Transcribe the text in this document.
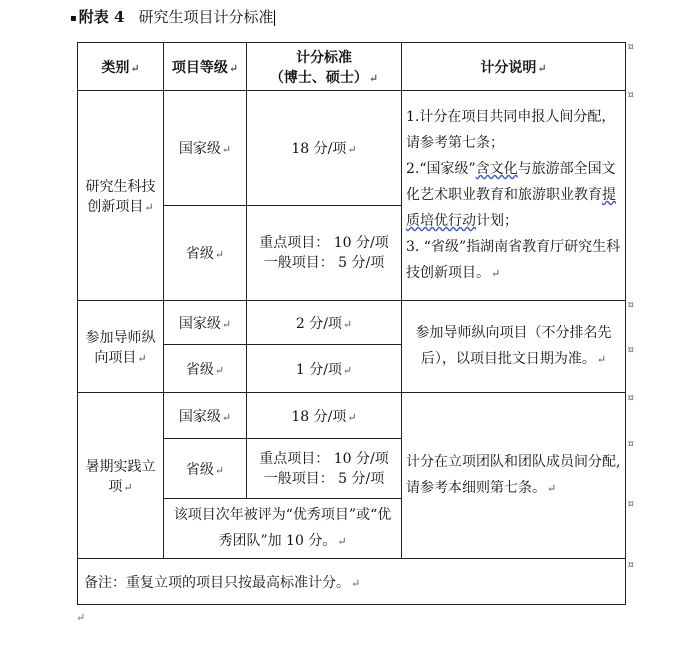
▪ 附表 4 研究生项目计分标准
类别↵	项目等级↵	计分标准
（博士、硕士）↵	计分说明↵
研究生科技创新项目↵	国家级↵	18 分/项↵	1.计分在项目共同申报人间分配， 请参考第七条；
2.“国家级”含文化与旅游部全国文化艺术职业教育和旅游职业教育提质培优行动计划；
3. “省级”指湖南省教育厅研究生科技创新项目。↵

	省级↵	重点项目： 10 分/项
一般项目： 5 分/项	
参加导师纵向项目↵	国家级↵	2 分/项↵	参加导师纵向项目（不分排名先后），以项目批文日期为准。↵
	省级↵	1 分/项↵	
暑期实践立项↵	国家级↵	18 分/项↵	计分在立项团队和团队成员间分配,请参考本细则第七条。↵
	省级↵	重点项目： 10 分/项
一般项目： 5 分/项	
	该项目次年被评为“优秀项目”或“优秀团队”加 10 分。↵		
备注：重复立项的项目只按最高标准计分。↵			
¤
¤
¤
¤
¤
¤
¤
¤
↵
